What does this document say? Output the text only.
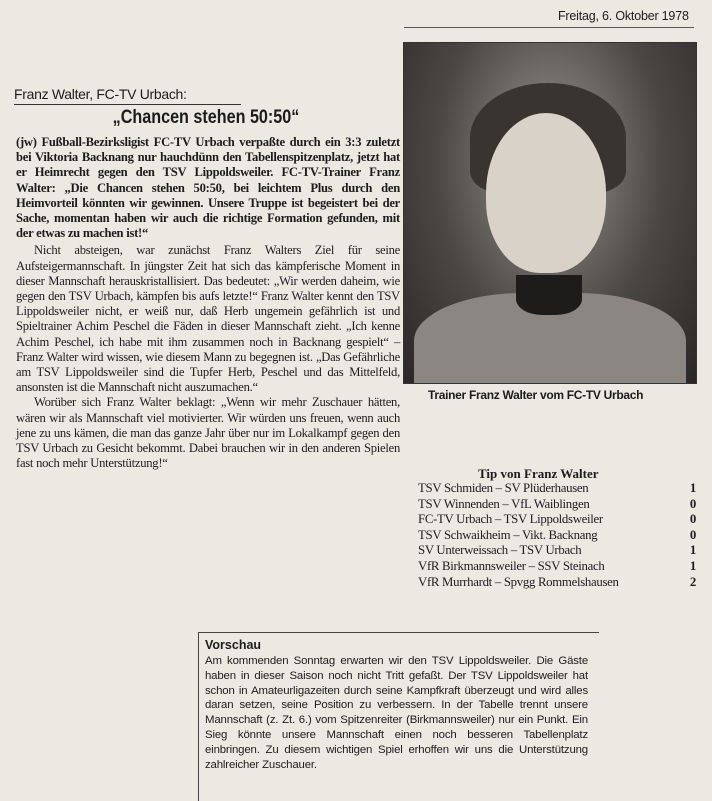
Freitag, 6. Oktober 1978
Franz Walter, FC-TV Urbach:
„Chancen stehen 50:50“
(jw) Fußball-Bezirksligist FC-TV Urbach verpaßte durch ein 3:3 zuletzt bei Viktoria Backnang nur hauchdünn den Tabellenspitzenplatz, jetzt hat er Heimrecht gegen den TSV Lippoldsweiler. FC-TV-Trainer Franz Walter: „Die Chancen stehen 50:50, bei leichtem Plus durch den Heimvorteil könnten wir gewinnen. Unsere Truppe ist begeistert bei der Sache, momentan haben wir auch die richtige Formation gefunden, mit der etwas zu machen ist!“
Nicht absteigen, war zunächst Franz Walters Ziel für seine Aufsteigermannschaft. In jüngster Zeit hat sich das kämpferische Moment in dieser Mannschaft herauskristallisiert. Das bedeutet: „Wir werden daheim, wie gegen den TSV Urbach, kämpfen bis aufs letzte!“ Franz Walter kennt den TSV Lippoldsweiler nicht, er weiß nur, daß Herb ungemein gefährlich ist und Spieltrainer Achim Peschel die Fäden in dieser Mannschaft zieht. „Ich kenne Achim Peschel, ich habe mit ihm zusammen noch in Backnang gespielt“ – Franz Walter wird wissen, wie diesem Mann zu begegnen ist. „Das Gefährliche am TSV Lippoldsweiler sind die Tupfer Herb, Peschel und das Mittelfeld, ansonsten ist die Mannschaft nicht auszumachen.“
Worüber sich Franz Walter beklagt: „Wenn wir mehr Zuschauer hätten, wären wir als Mannschaft viel motivierter. Wir würden uns freuen, wenn auch jene zu uns kämen, die man das ganze Jahr über nur im Lokalkampf gegen den TSV Urbach zu Gesicht bekommt. Dabei brauchen wir in den anderen Spielen fast noch mehr Unterstützung!“
Trainer Franz Walter vom FC-TV Urbach
Tip von Franz Walter
TSV Schmiden – SV Plüderhausen	1
TSV Winnenden – VfL Waiblingen	0
FC-TV Urbach – TSV Lippoldsweiler	0
TSV Schwaikheim – Vikt. Backnang	0
SV Unterweissach – TSV Urbach	1
VfR Birkmannsweiler – SSV Steinach	1
VfR Murrhardt – Spvgg Rommelshausen	2
Vorschau
Am kommenden Sonntag erwarten wir den TSV Lippoldsweiler. Die Gäste haben in dieser Saison noch nicht Tritt gefaßt. Der TSV Lippoldsweiler hat schon in Amateurligazeiten durch seine Kampfkraft überzeugt und wird alles daran setzen, seine Position zu verbessern. In der Tabelle trennt unsere Mannschaft (z. Zt. 6.) vom Spitzenreiter (Birkmannsweiler) nur ein Punkt. Ein Sieg könnte unsere Mannschaft einen noch besseren Tabellenplatz einbringen. Zu diesem wichtigen Spiel erhoffen wir uns die Unterstützung zahlreicher Zuschauer.
